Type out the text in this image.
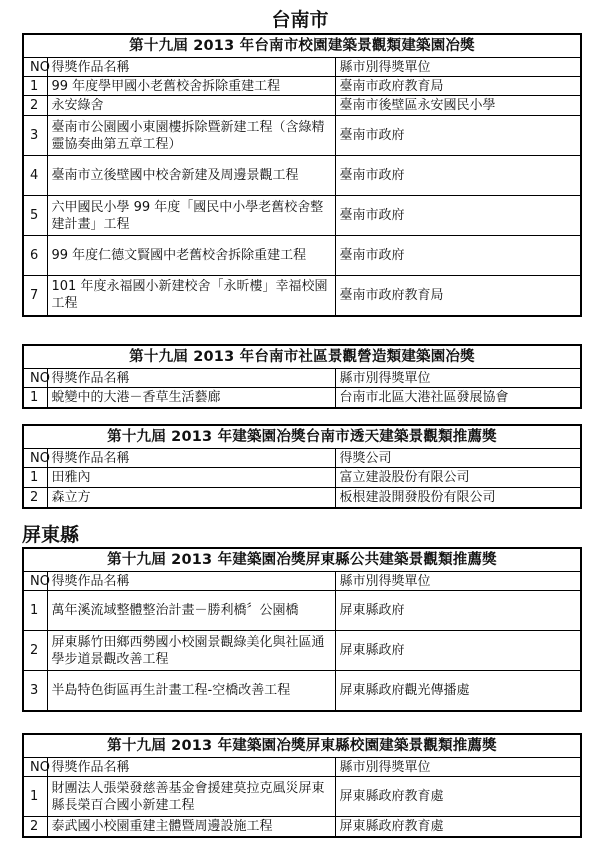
台南市
第十九屆 2013 年台南市校園建築景觀類建築園冶獎		
NO	得獎作品名稱	縣市別得獎單位
1	99 年度學甲國小老舊校舍拆除重建工程	臺南市政府教育局
2	永安綠舍	臺南市後壁區永安國民小學
3	臺南市公園國小東園樓拆除暨新建工程（含綠精靈協奏曲第五章工程）	臺南市政府
4	臺南市立後壁國中校舍新建及周邊景觀工程	臺南市政府
5	六甲國民小學 99 年度「國民中小學老舊校舍整建計畫」工程	臺南市政府
6	99 年度仁德文賢國中老舊校舍拆除重建工程	臺南市政府
7	101 年度永福國小新建校舍「永昕樓」幸福校園工程	臺南市政府教育局
第十九屆 2013 年台南市社區景觀營造類建築園冶獎		
NO	得獎作品名稱	縣市別得獎單位
1	蛻變中的大港－香草生活藝廊	台南市北區大港社區發展協會
第十九屆 2013 年建築園冶獎台南市透天建築景觀類推薦獎		
NO	得獎作品名稱	得獎公司
1	田雅內	富立建設股份有限公司
2	森立方	板根建設開發股份有限公司
屏東縣
第十九屆 2013 年建築園冶獎屏東縣公共建築景觀類推薦獎		
NO	得獎作品名稱	縣市別得獎單位
1	萬年溪流域整體整治計畫－勝利橋〞公園橋	屏東縣政府
2	屏東縣竹田鄉西勢國小校園景觀綠美化與社區通學步道景觀改善工程	屏東縣政府
3	半島特色街區再生計畫工程-空橋改善工程	屏東縣政府觀光傳播處
第十九屆 2013 年建築園冶獎屏東縣校園建築景觀類推薦獎		
NO	得獎作品名稱	縣市別得獎單位
1	財團法人張榮發慈善基金會援建莫拉克風災屏東縣長榮百合國小新建工程	屏東縣政府教育處
2	泰武國小校園重建主體暨周邊設施工程	屏東縣政府教育處
